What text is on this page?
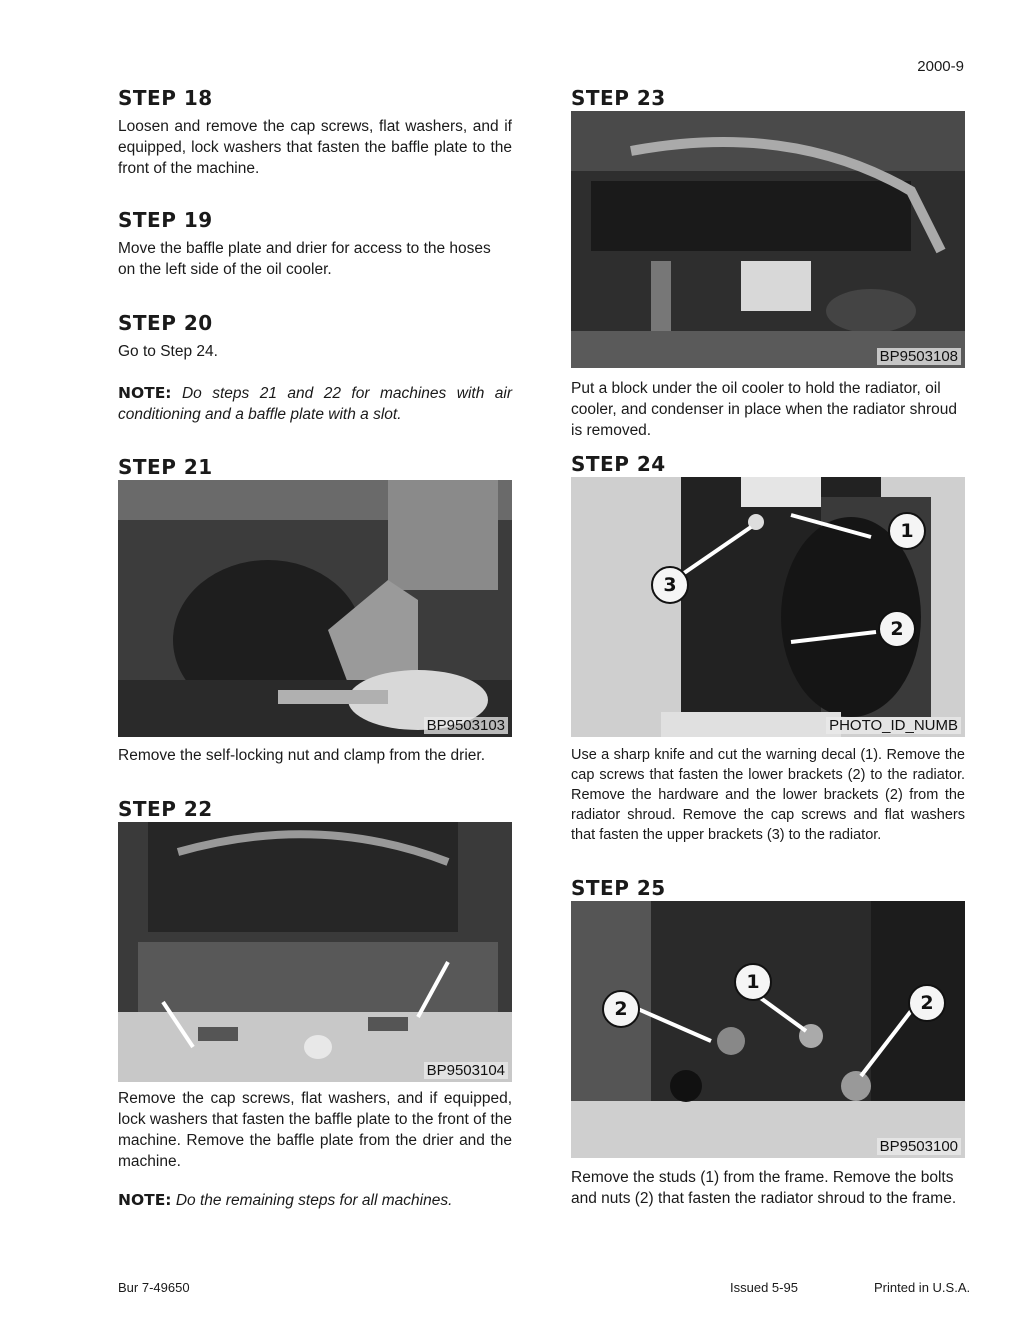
2000-9
STEP 18
Loosen and remove the cap screws, flat washers, and if equipped, lock washers that fasten the baffle plate to the front of the machine.
STEP 19
Move the baffle plate and drier for access to the hoses on the left side of the oil cooler.
STEP 20
Go to Step 24.
NOTE: Do steps 21 and 22 for machines with air conditioning and a baffle plate with a slot.
STEP 21
BP9503103
Remove the self-locking nut and clamp from the drier.
STEP 22
BP9503104
Remove the cap screws, flat washers, and if equipped, lock washers that fasten the baffle plate to the front of the machine. Remove the baffle plate from the drier and the machine.
NOTE: Do the remaining steps for all machines.
STEP 23
BP9503108
Put a block under the oil cooler to hold the radiator, oil cooler, and condenser in place when the radiator shroud is removed.
STEP 24
1
2
3
PHOTO_ID_NUMB
Use a sharp knife and cut the warning decal (1). Remove the cap screws that fasten the lower brackets (2) to the radiator. Remove the hardware and the lower brackets (2) from the radiator shroud. Remove the cap screws and flat washers that fasten the upper brackets (3) to the radiator.
STEP 25
1
2	2
BP9503100
Remove the studs (1) from the frame. Remove the bolts and nuts (2) that fasten the radiator shroud to the frame.
Bur 7-49650	Issued 5-95	Printed in U.S.A.
